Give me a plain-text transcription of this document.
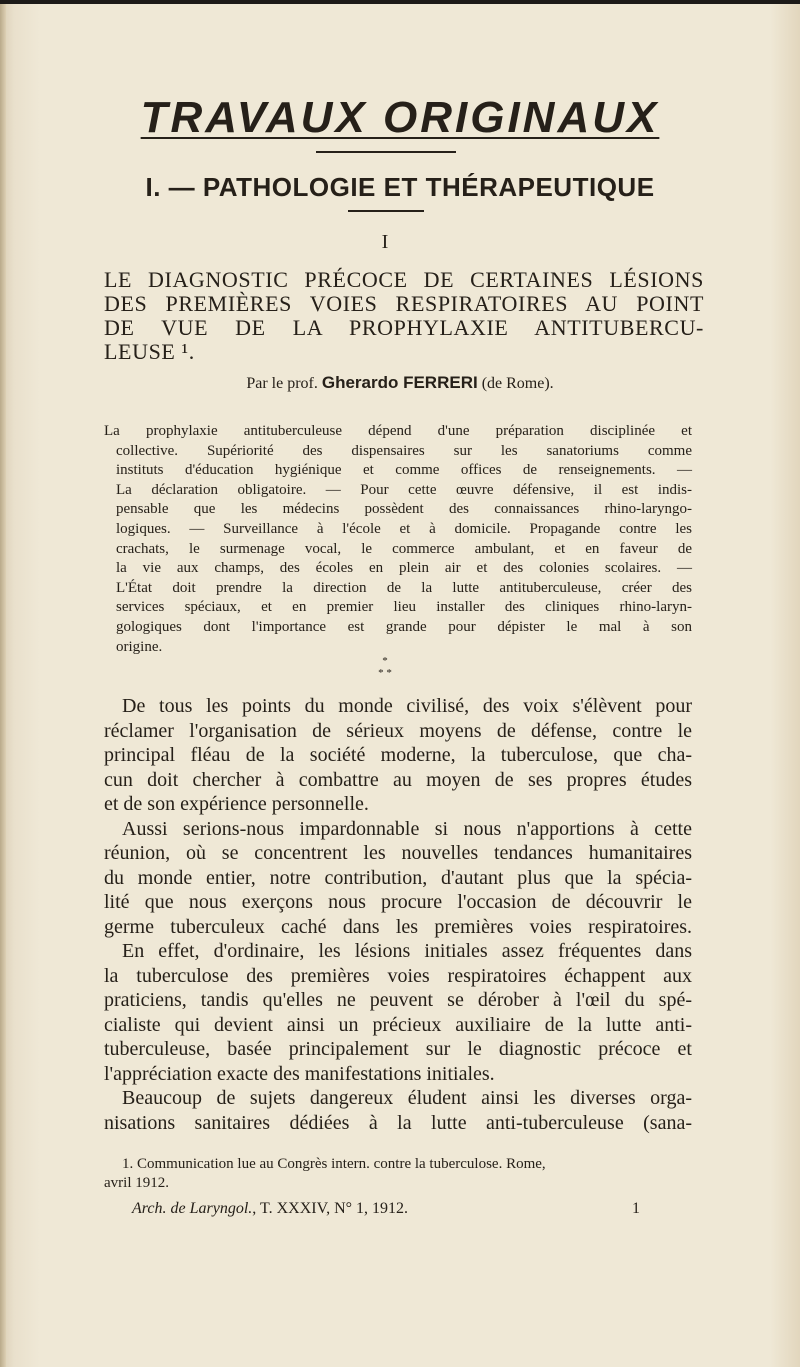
TRAVAUX ORIGINAUX
I. — PATHOLOGIE ET THÉRAPEUTIQUE
I
LE DIAGNOSTIC PRÉCOCE DE CERTAINES LÉSIONS
DES PREMIÈRES VOIES RESPIRATOIRES AU POINT
DE VUE DE LA PROPHYLAXIE ANTITUBERCU-
LEUSE ¹.
Par le prof. Gherardo FERRERI (de Rome).
La prophylaxie antituberculeuse dépend d'une préparation disciplinée et
collective. Supériorité des dispensaires sur les sanatoriums comme
instituts d'éducation hygiénique et comme offices de renseignements. —
La déclaration obligatoire. — Pour cette œuvre défensive, il est indis-
pensable que les médecins possèdent des connaissances rhino-laryngo-
logiques. — Surveillance à l'école et à domicile. Propagande contre les
crachats, le surmenage vocal, le commerce ambulant, et en faveur de
la vie aux champs, des écoles en plein air et des colonies scolaires. —
L'État doit prendre la direction de la lutte antituberculeuse, créer des
services spéciaux, et en premier lieu installer des cliniques rhino-laryn-
gologiques dont l'importance est grande pour dépister le mal à son
origine.
*
* *
De tous les points du monde civilisé, des voix s'élèvent pour
réclamer l'organisation de sérieux moyens de défense, contre le
principal fléau de la société moderne, la tuberculose, que cha-
cun doit chercher à combattre au moyen de ses propres études
et de son expérience personnelle.
Aussi serions-nous impardonnable si nous n'apportions à cette
réunion, où se concentrent les nouvelles tendances humanitaires
du monde entier, notre contribution, d'autant plus que la spécia-
lité que nous exerçons nous procure l'occasion de découvrir le
germe tuberculeux caché dans les premières voies respiratoires.
En effet, d'ordinaire, les lésions initiales assez fréquentes dans
la tuberculose des premières voies respiratoires échappent aux
praticiens, tandis qu'elles ne peuvent se dérober à l'œil du spé-
cialiste qui devient ainsi un précieux auxiliaire de la lutte anti-
tuberculeuse, basée principalement sur le diagnostic précoce et
l'appréciation exacte des manifestations initiales.
Beaucoup de sujets dangereux éludent ainsi les diverses orga-
nisations sanitaires dédiées à la lutte anti-tuberculeuse (sana-
1. Communication lue au Congrès intern. contre la tuberculose. Rome,
avril 1912.
Arch. de Laryngol., T. XXXIV, N° 1, 1912.	1
